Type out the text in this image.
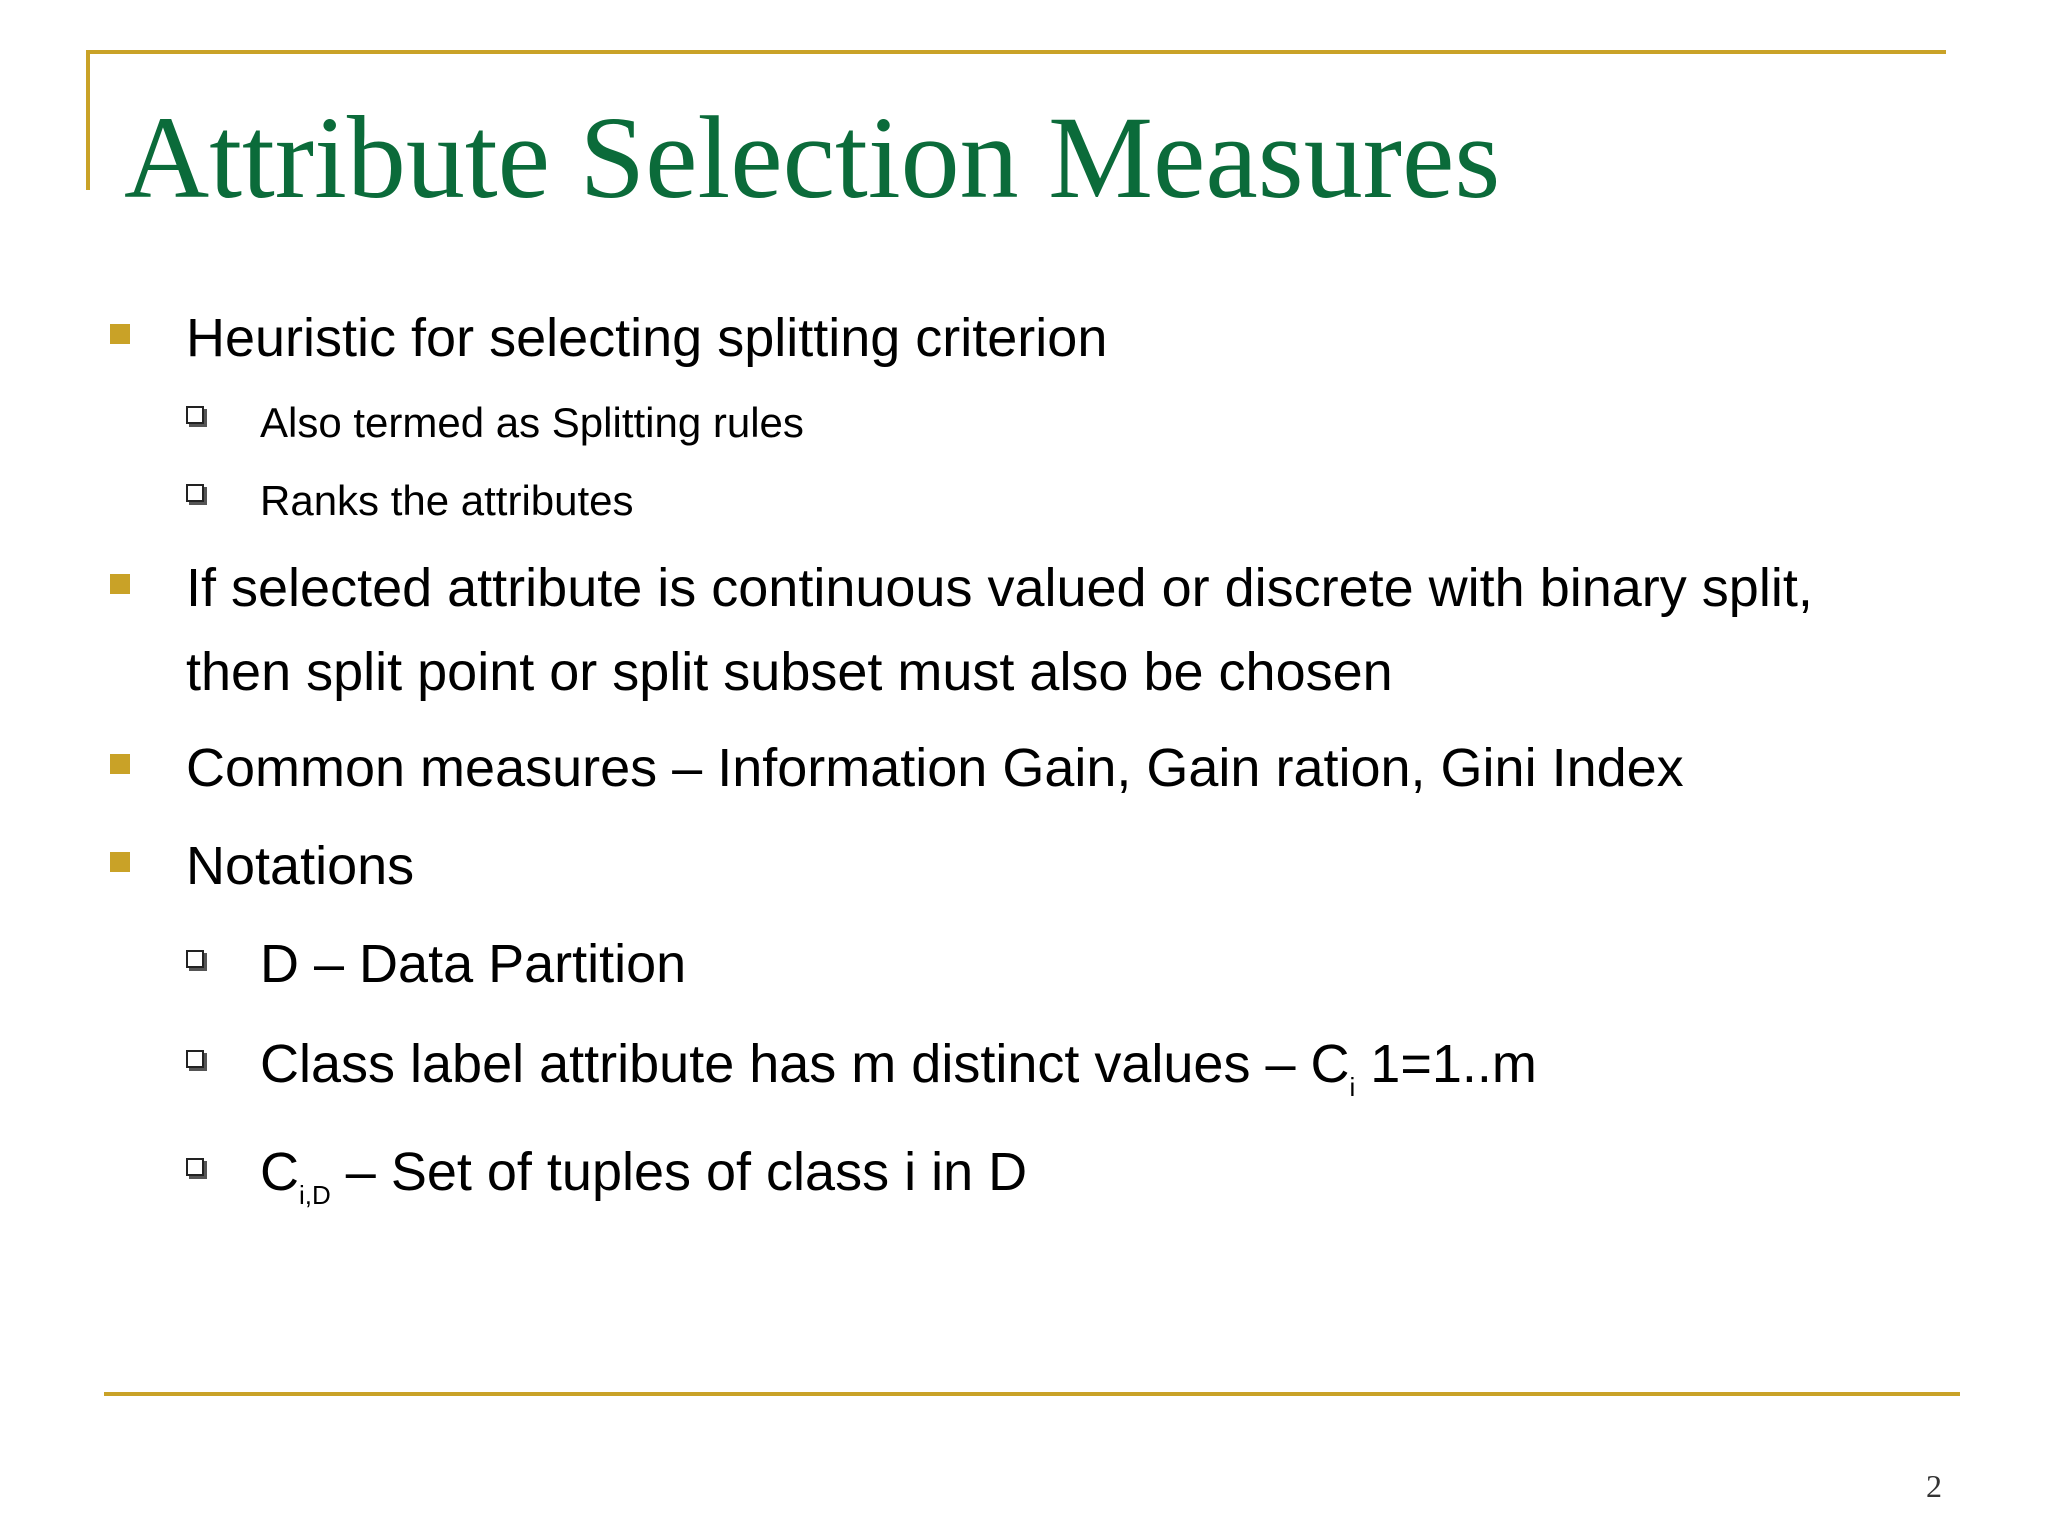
Attribute Selection Measures
Heuristic for selecting splitting criterion
Also termed as Splitting rules
Ranks the attributes
If selected attribute is continuous valued or discrete with binary split,
then split point or split subset must also be chosen
Common measures – Information Gain, Gain ration, Gini Index
Notations
D – Data Partition
Class label attribute has m distinct values – $C_i$ 1=1..m
$C_{i,D}$ – Set of tuples of class i in D
2
